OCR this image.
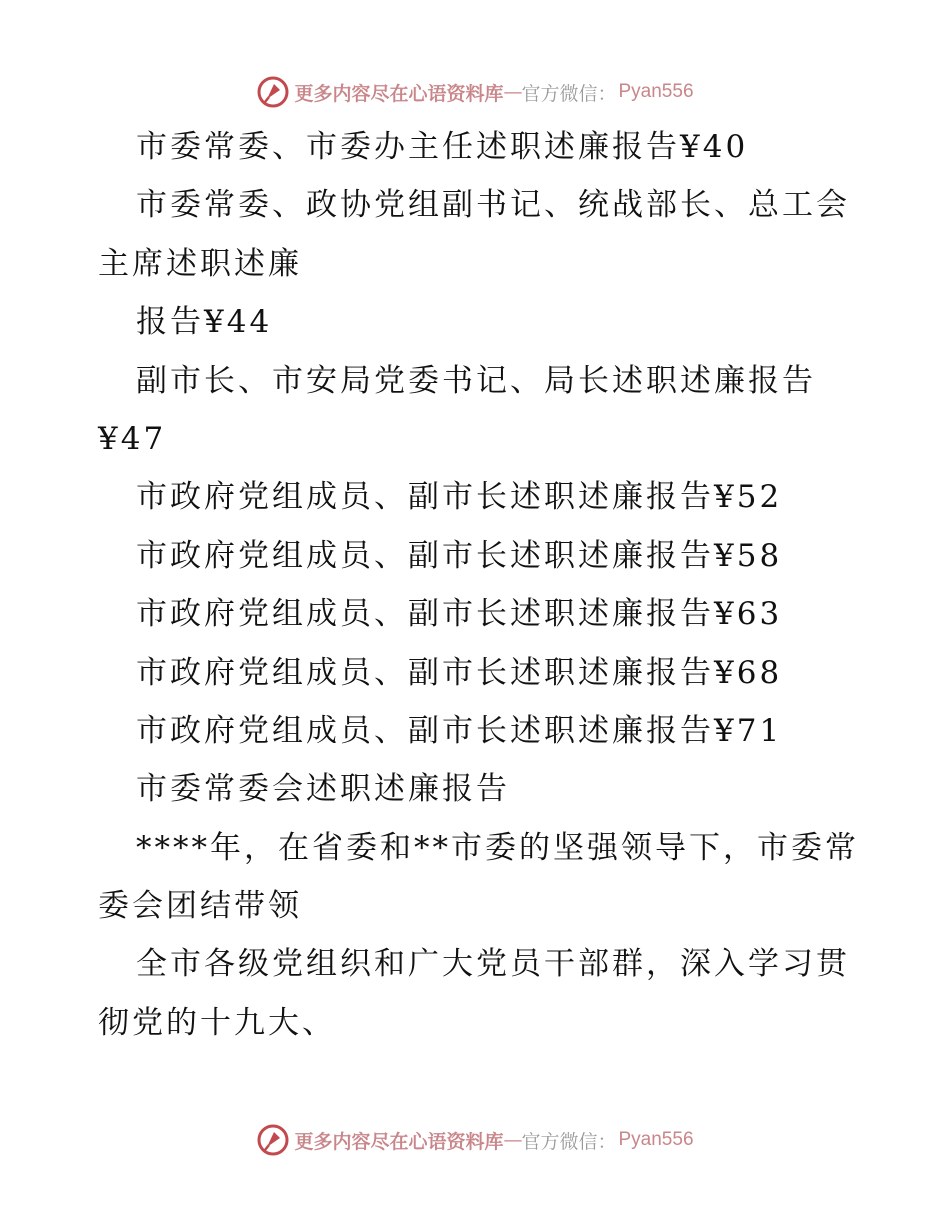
更多内容尽在心语资料库 — 官方微信： Pyan556
市委常委、市委办主任述职述廉报告¥40
市委常委、政协党组副书记、统战部长、总工会
主席述职述廉
报告¥44
副市长、市安局党委书记、局长述职述廉报告
¥47
市政府党组成员、副市长述职述廉报告¥52
市政府党组成员、副市长述职述廉报告¥58
市政府党组成员、副市长述职述廉报告¥63
市政府党组成员、副市长述职述廉报告¥68
市政府党组成员、副市长述职述廉报告¥71
市委常委会述职述廉报告
****年，在省委和**市委的坚强领导下，市委常
委会团结带领
全市各级党组织和广大党员干部群，深入学习贯
彻党的十九大、
更多内容尽在心语资料库 — 官方微信： Pyan556
